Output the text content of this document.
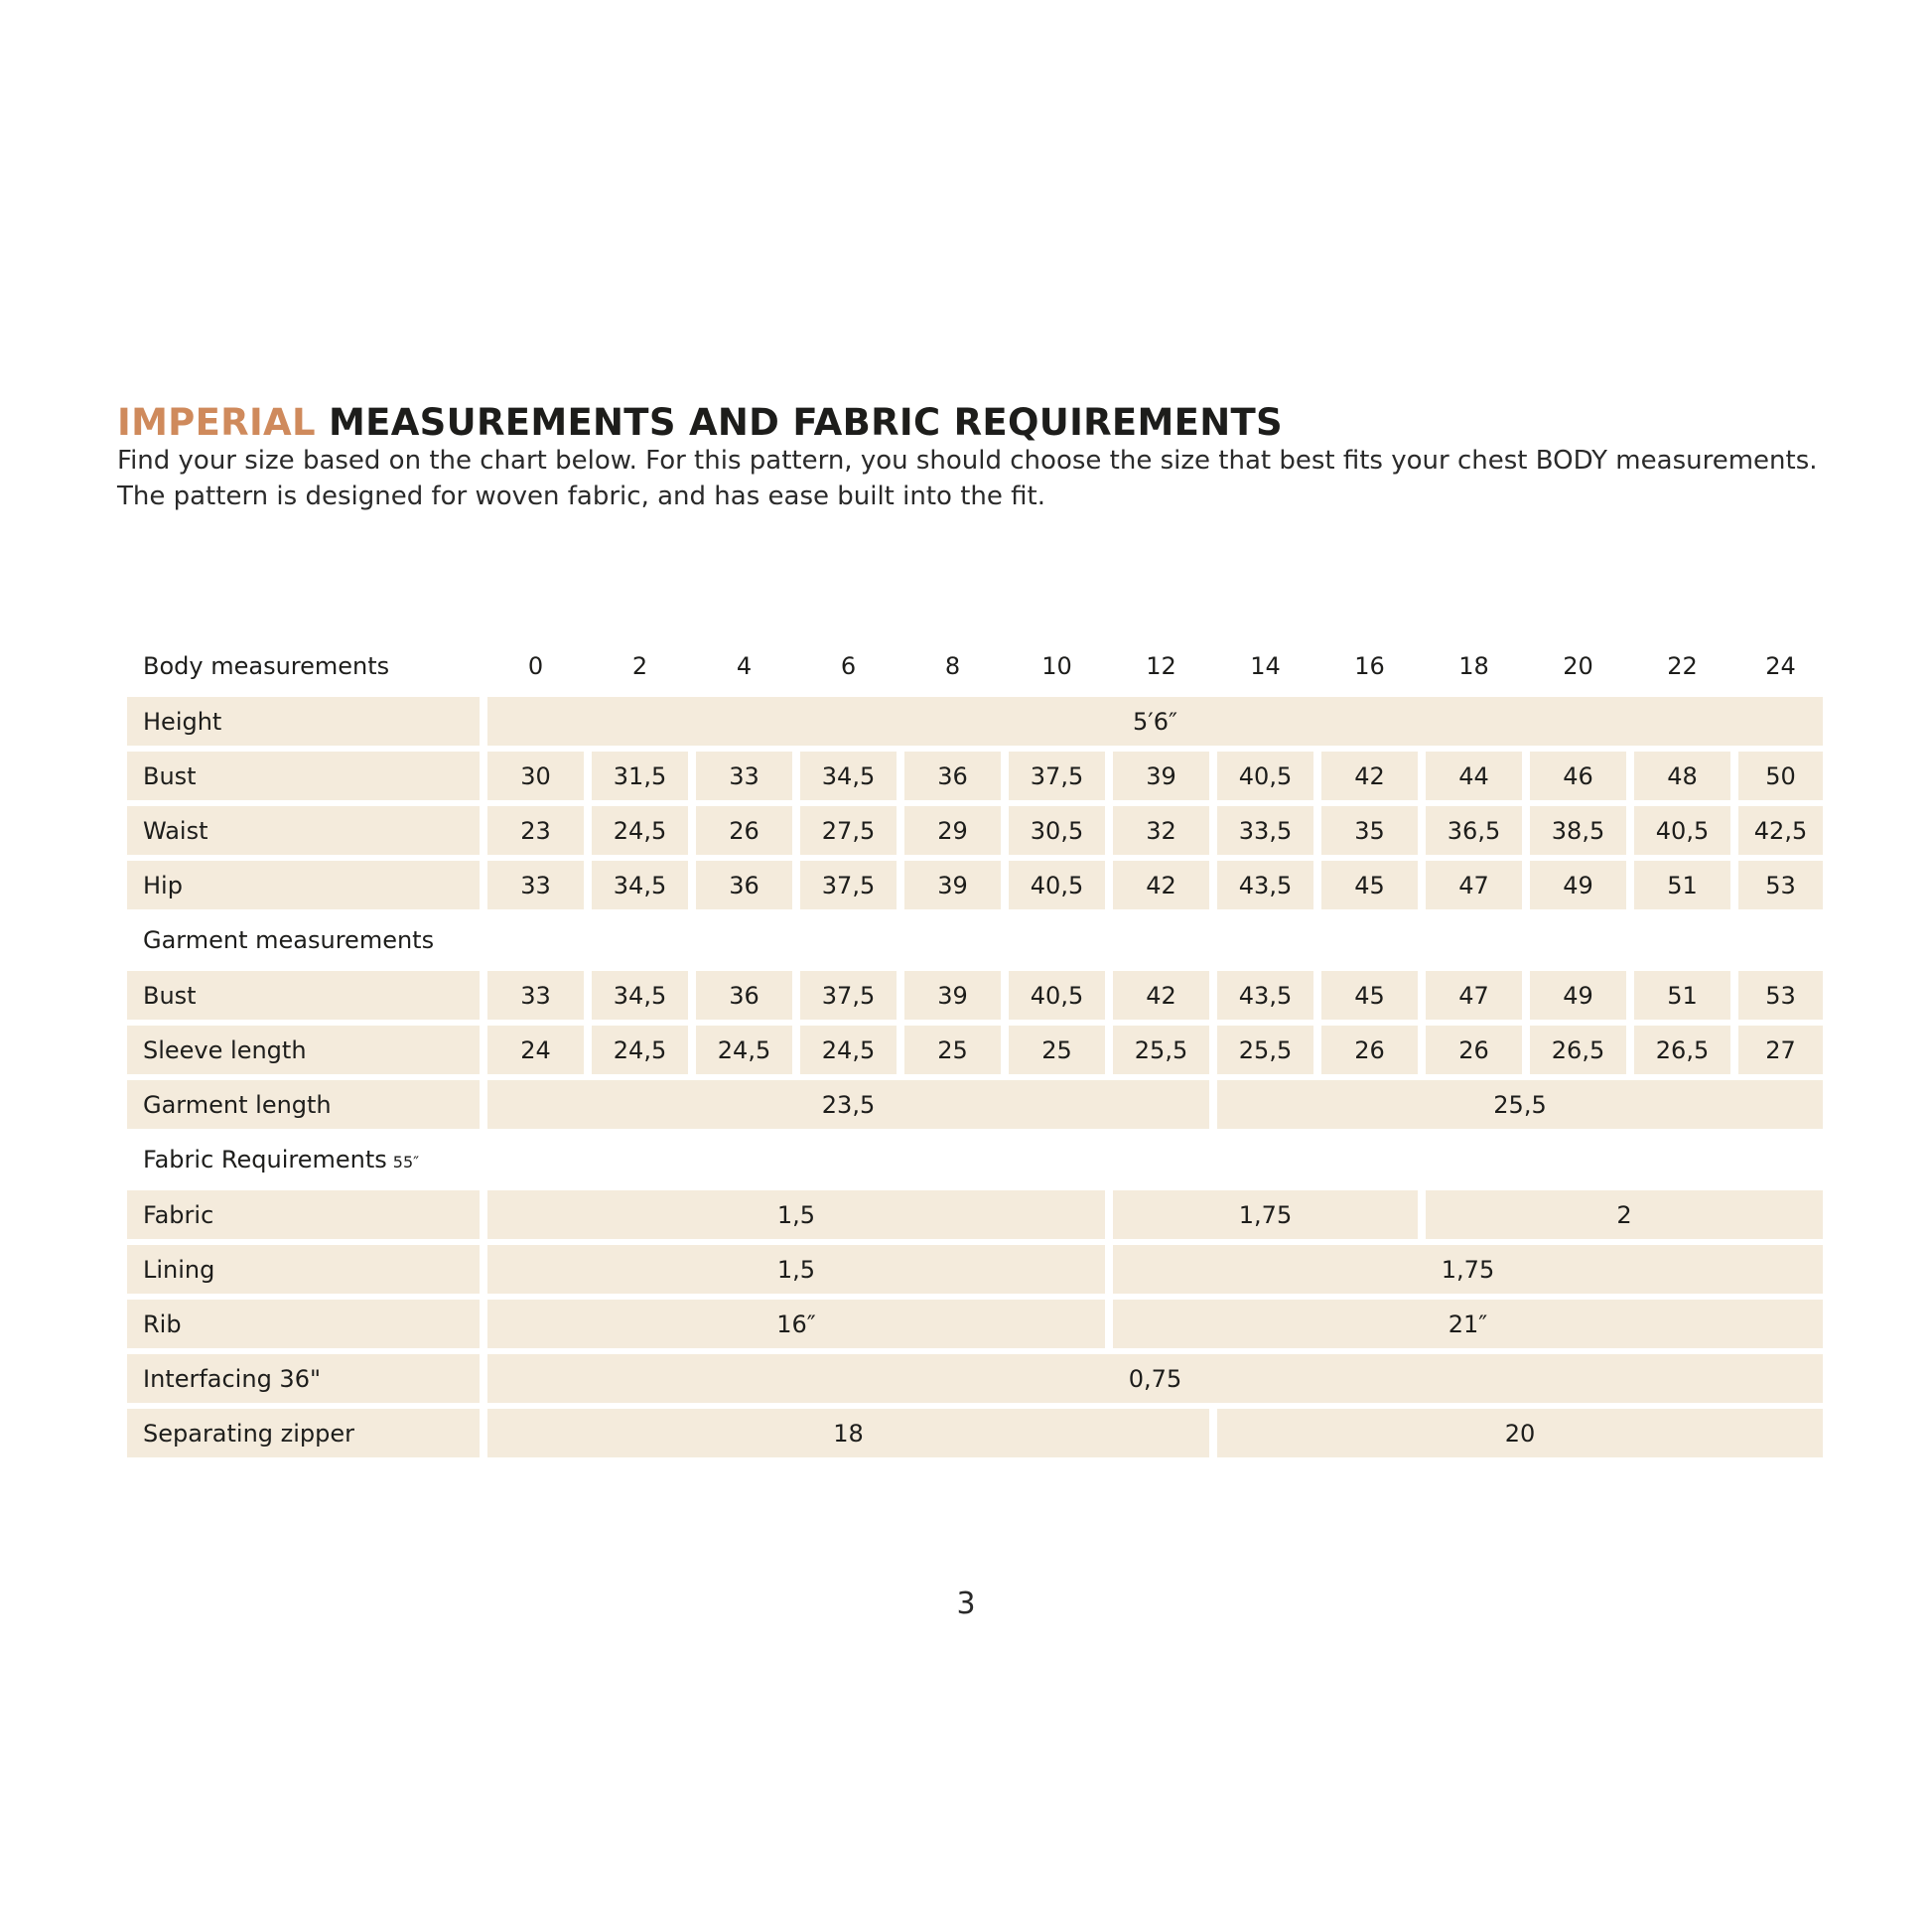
IMPERIAL MEASUREMENTS AND FABRIC REQUIREMENTS
Find your size based on the chart below. For this pattern, you should choose the size that best fits your chest BODY measurements.
The pattern is designed for woven fabric, and has ease built into the fit.
Body measurements	0	2	4	6	8	10	12	14	16	18	20	22	24
Height	5′6″												
Bust	30	31,5	33	34,5	36	37,5	39	40,5	42	44	46	48	50
Waist	23	24,5	26	27,5	29	30,5	32	33,5	35	36,5	38,5	40,5	42,5
Hip	33	34,5	36	37,5	39	40,5	42	43,5	45	47	49	51	53
Garment measurements													
Bust	33	34,5	36	37,5	39	40,5	42	43,5	45	47	49	51	53
Sleeve length	24	24,5	24,5	24,5	25	25	25,5	25,5	26	26	26,5	26,5	27
Garment length	23,5							25,5					
Fabric Requirements 55″													
Fabric	1,5						1,75			2			
Lining	1,5						1,75						
Rib	16″						21″						
Interfacing 36"	0,75												
Separating zipper	18							20					
3
